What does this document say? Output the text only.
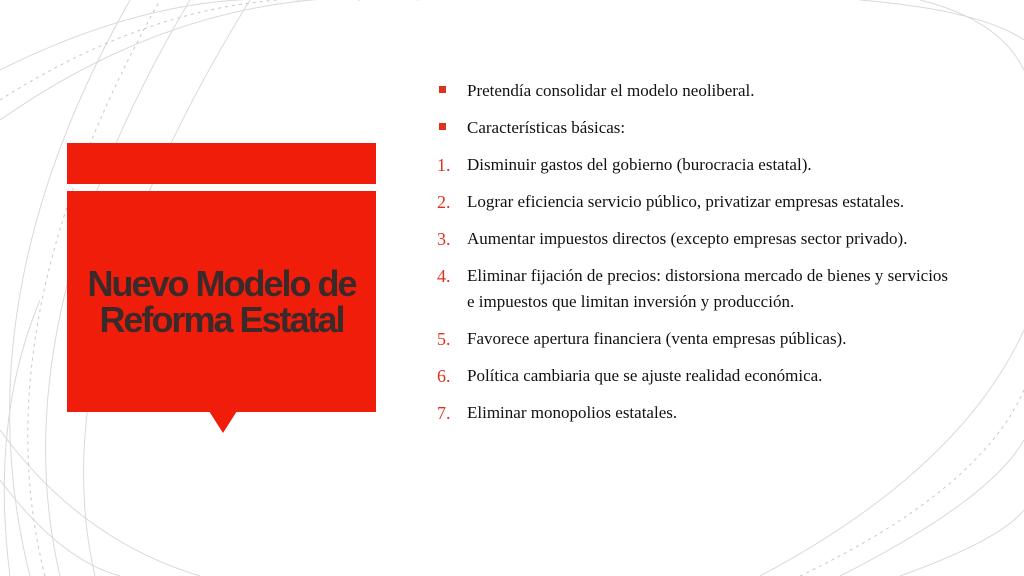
Nuevo Modelo de Reforma Estatal
Pretendía consolidar el modelo neoliberal.
Características básicas:
1. Disminuir gastos del gobierno (burocracia estatal).
2. Lograr eficiencia servicio público, privatizar empresas estatales.
3. Aumentar impuestos directos (excepto empresas sector privado).
4. Eliminar fijación de precios: distorsiona mercado de bienes y servicios e impuestos que limitan inversión y producción.
5. Favorece apertura financiera (venta empresas públicas).
6. Política cambiaria que se ajuste realidad económica.
7. Eliminar monopolios estatales.
